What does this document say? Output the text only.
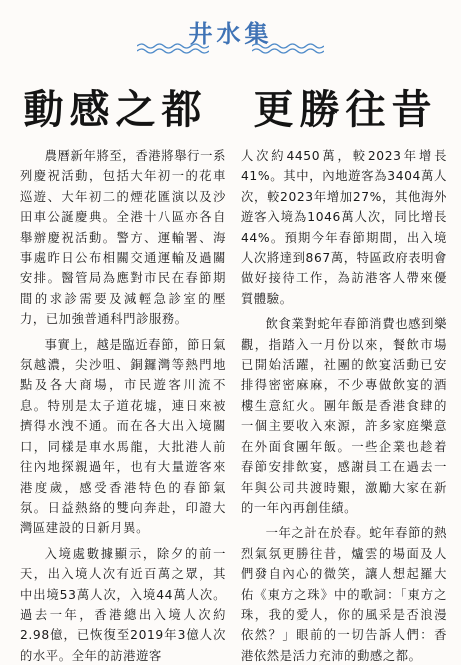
井水集
動感之都　更勝往昔

農曆新年將至，香港將舉行一系列慶祝活動，包括大年初一的花車巡遊、大年初二的煙花匯演以及沙田車公誕慶典。全港十八區亦各自舉辦慶祝活動。警方、運輸署、海事處昨日公布相關交通運輸及過關安排。醫管局為應對市民在春節期間的求診需要及減輕急診室的壓力，已加強普通科門診服務。

事實上，越是臨近春節，節日氣氛越濃，尖沙咀、銅鑼灣等熱門地點及各大商場，市民遊客川流不息。特別是太子道花墟，連日來被擠得水洩不通。而在各大出入境關口，同樣是車水馬龍，大批港人前往內地探親過年，也有大量遊客來港度歲，感受香港特色的春節氣氛。日益熱絡的雙向奔赴，印證大灣區建設的日新月異。

入境處數據顯示，除夕的前一天，出入境人次有近百萬之眾，其中出境53萬人次，入境44萬人次。過去一年，香港總出入境人次約2.98億，已恢復至2019年3億人次的水平。全年的訪港遊客

人次約4450萬，較2023年增長41%。其中，內地遊客為3404萬人次，較2023年增加27%，其他海外遊客入境為1046萬人次，同比增長44%。預期今年春節期間，出入境人次將達到867萬，特區政府表明會做好接待工作，為訪港客人帶來優質體驗。

飲食業對蛇年春節消費也感到樂觀，指踏入一月份以來，餐飲市場已開始活躍，社團的飲宴活動已安排得密密麻麻，不少專做飲宴的酒樓生意紅火。團年飯是香港食肆的一個主要收入來源，許多家庭樂意在外面食團年飯。一些企業也趁着春節安排飲宴，感謝員工在過去一年與公司共渡時艱，激勵大家在新的一年內再創佳績。

一年之計在於春。蛇年春節的熱烈氣氛更勝往昔，爐雲的場面及人們發自內心的微笑，讓人想起羅大佑《東方之珠》中的歌詞：「東方之珠，我的愛人，你的風采是否浪漫依然？」眼前的一切告訴人們：香港依然是活力充沛的動感之都。
